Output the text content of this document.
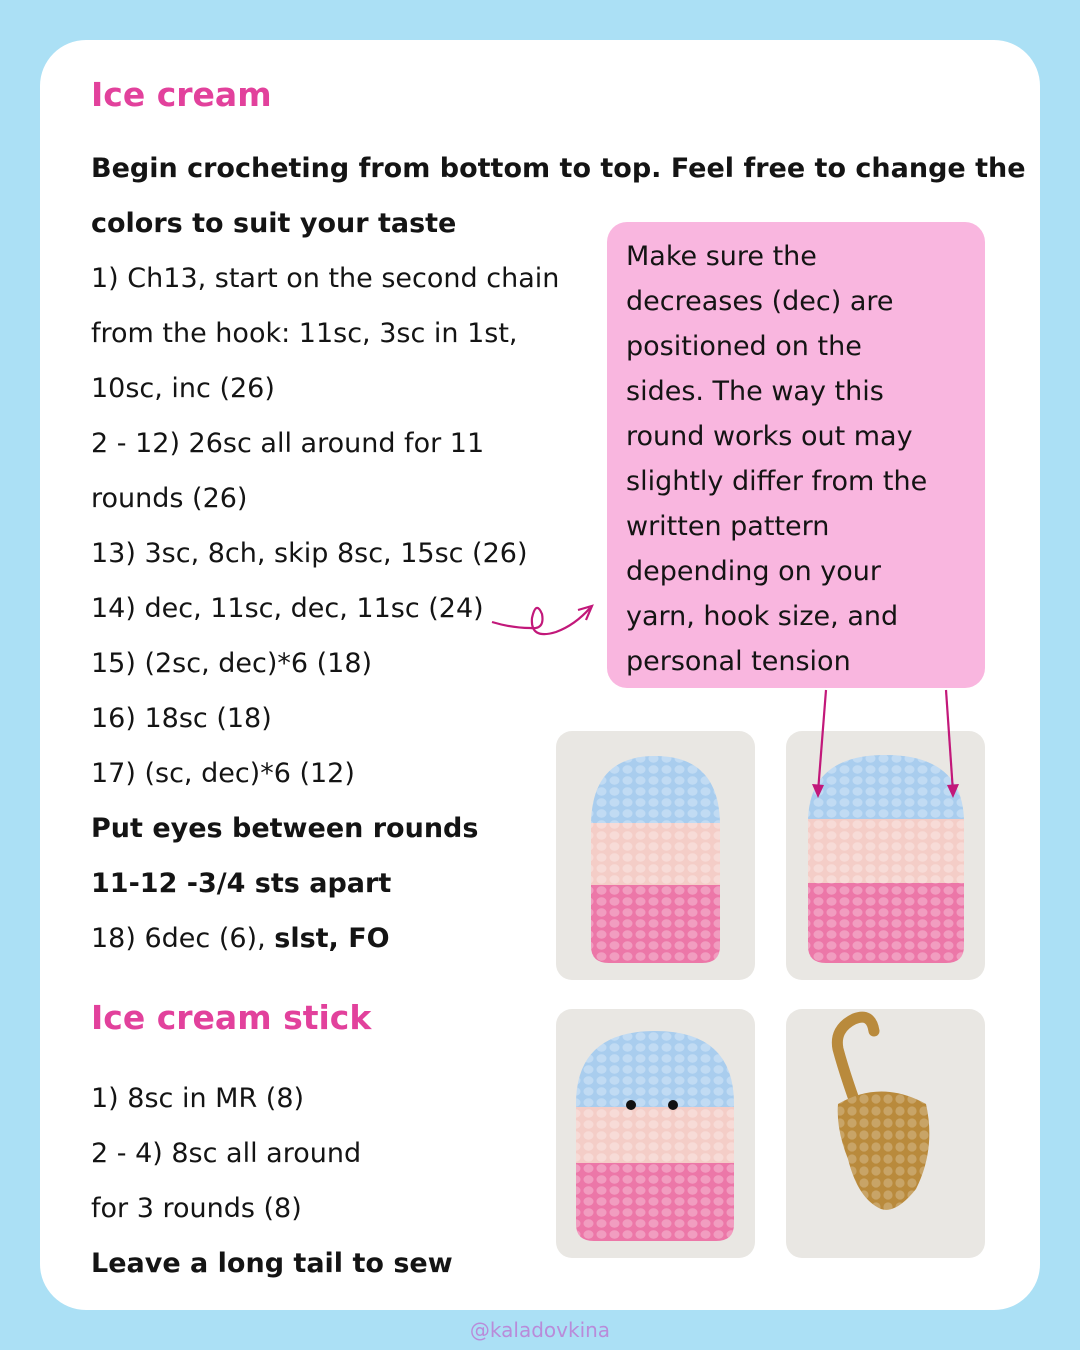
Ice cream
Begin crocheting from bottom to top. Feel free to change the
colors to suit your taste
1) Ch13, start on the second chain
from the hook: 11sc, 3sc in 1st,
10sc, inc (26)
2 - 12) 26sc all around for 11
rounds (26)
13) 3sc, 8ch, skip 8sc, 15sc (26)
14) dec, 11sc, dec, 11sc (24)
15) (2sc, dec)*6 (18)
16) 18sc (18)
17) (sc, dec)*6 (12)
Put eyes between rounds
11-12 -3/4 sts apart
18) 6dec (6), slst, FO
Ice cream stick
1) 8sc in MR (8)
2 - 4) 8sc all around
for 3 rounds (8)
Leave a long tail to sew
Make sure the
decreases (dec) are
positioned on the
sides. The way this
round works out may
slightly differ from the
written pattern
depending on your
yarn, hook size, and
personal tension
@kaladovkina
